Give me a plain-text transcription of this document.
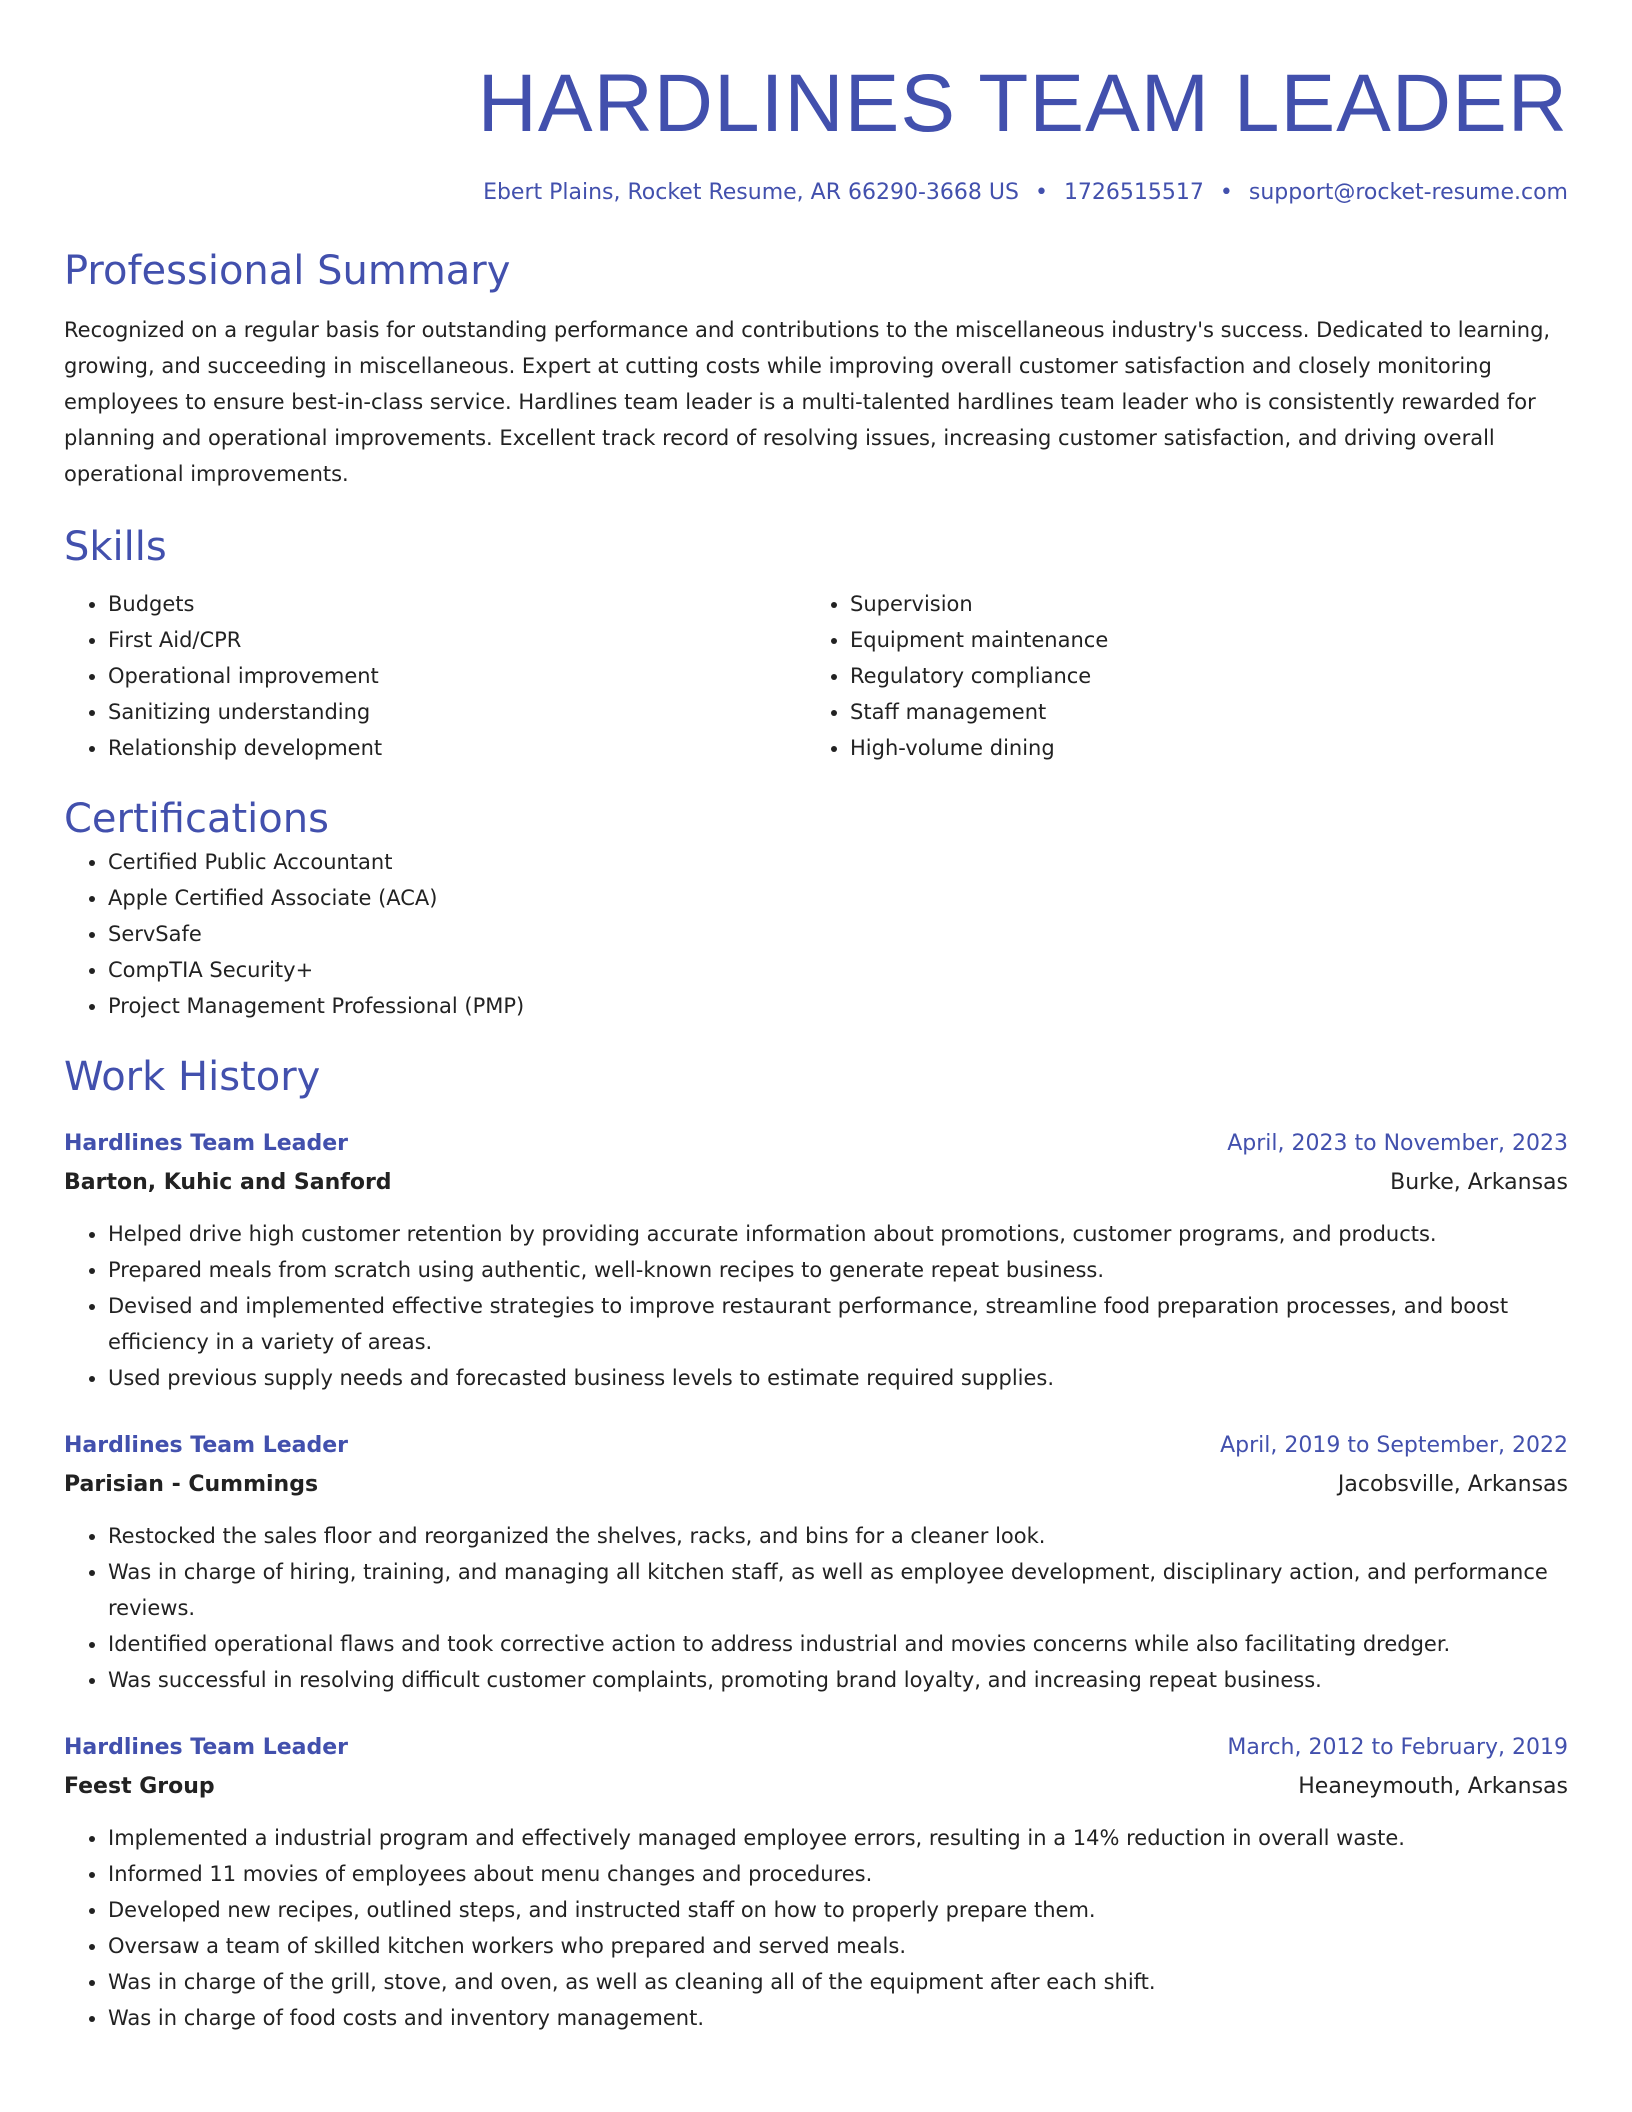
HARDLINES TEAM LEADER
Ebert Plains, Rocket Resume, AR 66290-3668 US • 1726515517 • support@rocket-resume.com
Professional Summary

Recognized on a regular basis for outstanding performance and contributions to the miscellaneous industry's success. Dedicated to learning, growing, and succeeding in miscellaneous. Expert at cutting costs while improving overall customer satisfaction and closely monitoring employees to ensure best-in-class service. Hardlines team leader is a multi-talented hardlines team leader who is consistently rewarded for planning and operational improvements. Excellent track record of resolving issues, increasing customer satisfaction, and driving overall operational improvements.

Skills
• Budgets
• First Aid/CPR
• Operational improvement
• Sanitizing understanding
• Relationship development
• Supervision
• Equipment maintenance
• Regulatory compliance
• Staff management
• High-volume dining
Certifications
• Certified Public Accountant
• Apple Certified Associate (ACA)
• ServSafe
• CompTIA Security+
• Project Management Professional (PMP)
Work History
Hardlines Team Leader	April, 2023 to November, 2023
Barton, Kuhic and Sanford	Burke, Arkansas
• Helped drive high customer retention by providing accurate information about promotions, customer programs, and products.
• Prepared meals from scratch using authentic, well-known recipes to generate repeat business.
• Devised and implemented effective strategies to improve restaurant performance, streamline food preparation processes, and boost efficiency in a variety of areas.
• Used previous supply needs and forecasted business levels to estimate required supplies.
Hardlines Team Leader	April, 2019 to September, 2022
Parisian - Cummings	Jacobsville, Arkansas
• Restocked the sales floor and reorganized the shelves, racks, and bins for a cleaner look.
• Was in charge of hiring, training, and managing all kitchen staff, as well as employee development, disciplinary action, and performance reviews.
• Identified operational flaws and took corrective action to address industrial and movies concerns while also facilitating dredger.
• Was successful in resolving difficult customer complaints, promoting brand loyalty, and increasing repeat business.
Hardlines Team Leader	March, 2012 to February, 2019
Feest Group	Heaneymouth, Arkansas
• Implemented a industrial program and effectively managed employee errors, resulting in a 14% reduction in overall waste.
• Informed 11 movies of employees about menu changes and procedures.
• Developed new recipes, outlined steps, and instructed staff on how to properly prepare them.
• Oversaw a team of skilled kitchen workers who prepared and served meals.
• Was in charge of the grill, stove, and oven, as well as cleaning all of the equipment after each shift.
• Was in charge of food costs and inventory management.
